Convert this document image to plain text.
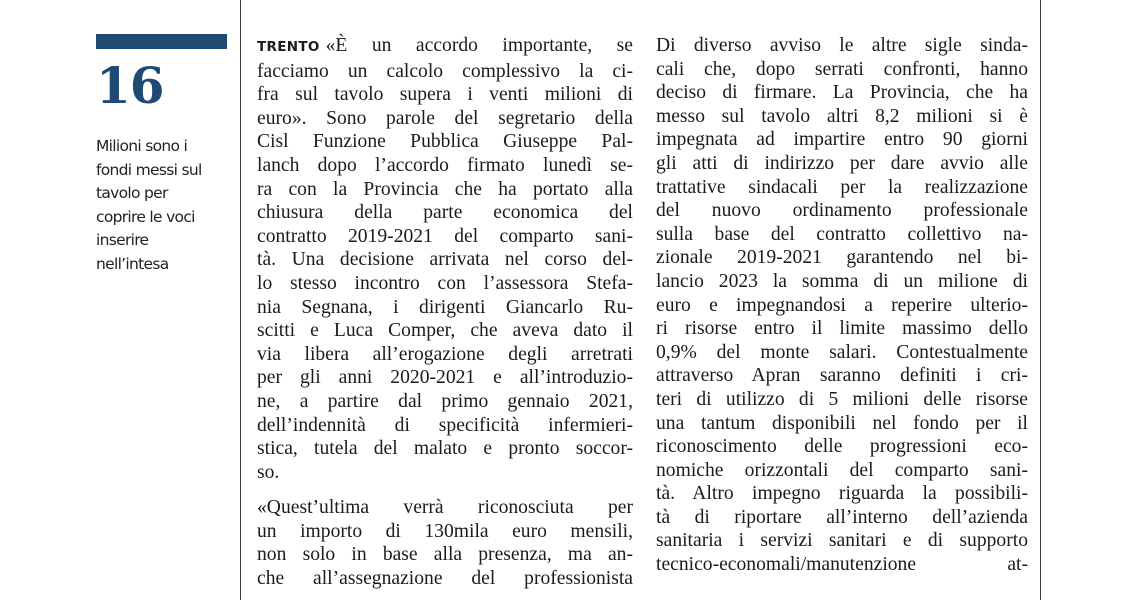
16
Milioni sono i
fondi messi sul
tavolo per
coprire le voci
inserire
nell’intesa
TRENTO «È un accordo importante, se
facciamo un calcolo complessivo la ci-
fra sul tavolo supera i venti milioni di
euro». Sono parole del segretario della
Cisl Funzione Pubblica Giuseppe Pal-
lanch dopo l’accordo firmato lunedì se-
ra con la Provincia che ha portato alla
chiusura della parte economica del
contratto 2019-2021 del comparto sani-
tà. Una decisione arrivata nel corso del-
lo stesso incontro con l’assessora Stefa-
nia Segnana, i dirigenti Giancarlo Ru-
scitti e Luca Comper, che aveva dato il
via libera all’erogazione degli arretrati
per gli anni 2020-2021 e all’introduzio-
ne, a partire dal primo gennaio 2021,
dell’indennità di specificità infermieri-
stica, tutela del malato e pronto soccor-
so.
«Quest’ultima verrà riconosciuta per
un importo di 130mila euro mensili,
non solo in base alla presenza, ma an-
che all’assegnazione del professionista
Di diverso avviso le altre sigle sinda-
cali che, dopo serrati confronti, hanno
deciso di firmare. La Provincia, che ha
messo sul tavolo altri 8,2 milioni si è
impegnata ad impartire entro 90 giorni
gli atti di indirizzo per dare avvio alle
trattative sindacali per la realizzazione
del nuovo ordinamento professionale
sulla base del contratto collettivo na-
zionale 2019-2021 garantendo nel bi-
lancio 2023 la somma di un milione di
euro e impegnandosi a reperire ulterio-
ri risorse entro il limite massimo dello
0,9% del monte salari. Contestualmente
attraverso Apran saranno definiti i cri-
teri di utilizzo di 5 milioni delle risorse
una tantum disponibili nel fondo per il
riconoscimento delle progressioni eco-
nomiche orizzontali del comparto sani-
tà. Altro impegno riguarda la possibili-
tà di riportare all’interno dell’azienda
sanitaria i servizi sanitari e di supporto
tecnico-economali/manutenzione at-
